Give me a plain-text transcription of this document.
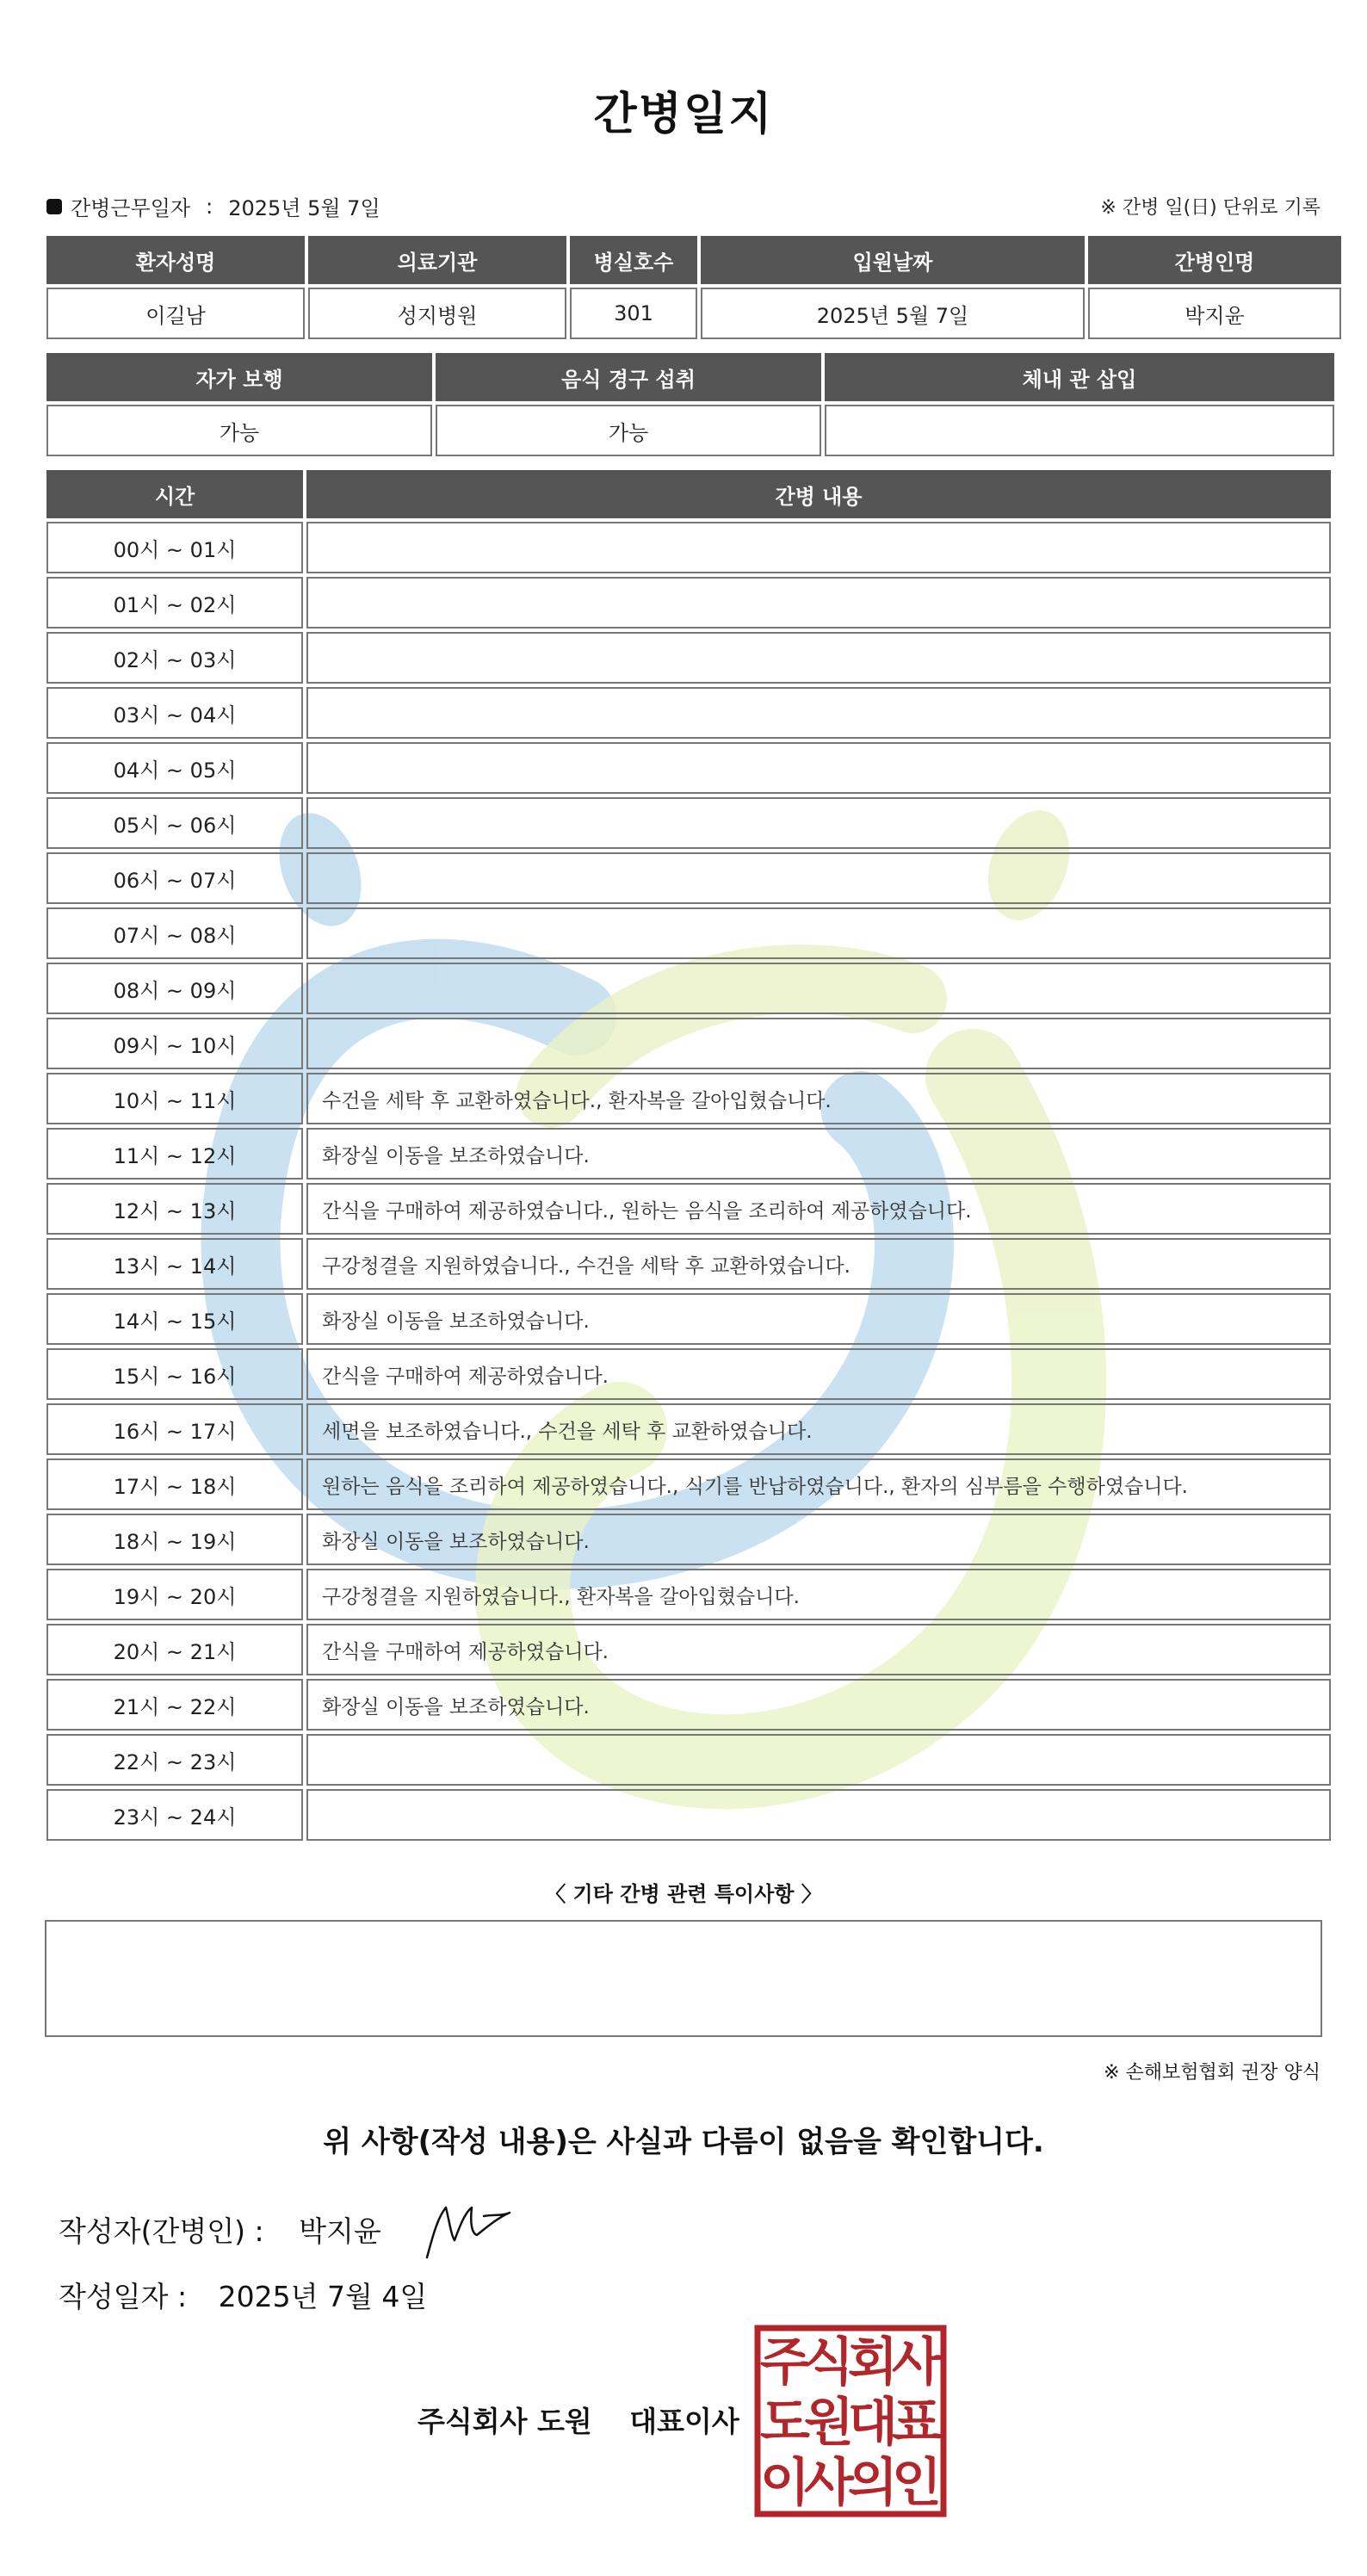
간병일지
간병근무일자 : 2025년 5월 7일	※ 간병 일(日) 단위로 기록
환자성명	의료기관	병실호수	입원날짜	간병인명
이길남	성지병원	301	2025년 5월 7일	박지윤
자가 보행	음식 경구 섭취	체내 관 삽입
가능	가능	
시간	간병 내용
00시 ~ 01시	
01시 ~ 02시	
02시 ~ 03시	
03시 ~ 04시	
04시 ~ 05시	
05시 ~ 06시	
06시 ~ 07시	
07시 ~ 08시	
08시 ~ 09시	
09시 ~ 10시	
10시 ~ 11시	수건을 세탁 후 교환하였습니다., 환자복을 갈아입혔습니다.
11시 ~ 12시	화장실 이동을 보조하였습니다.
12시 ~ 13시	간식을 구매하여 제공하였습니다., 원하는 음식을 조리하여 제공하였습니다.
13시 ~ 14시	구강청결을 지원하였습니다., 수건을 세탁 후 교환하였습니다.
14시 ~ 15시	화장실 이동을 보조하였습니다.
15시 ~ 16시	간식을 구매하여 제공하였습니다.
16시 ~ 17시	세면을 보조하였습니다., 수건을 세탁 후 교환하였습니다.
17시 ~ 18시	원하는 음식을 조리하여 제공하였습니다., 식기를 반납하였습니다., 환자의 심부름을 수행하였습니다.
18시 ~ 19시	화장실 이동을 보조하였습니다.
19시 ~ 20시	구강청결을 지원하였습니다., 환자복을 갈아입혔습니다.
20시 ~ 21시	간식을 구매하여 제공하였습니다.
21시 ~ 22시	화장실 이동을 보조하였습니다.
22시 ~ 23시	
23시 ~ 24시	
〈 기타 간병 관련 특이사항 〉
※ 손해보험협회 권장 양식
위 사항(작성 내용)은 사실과 다름이 없음을 확인합니다.
작성자(간병인) : 박지윤
작성일자 : 2025년 7월 4일
주식회사 도원 대표이사
주
식
회
사
도
원
대
표
이
사
의
인
